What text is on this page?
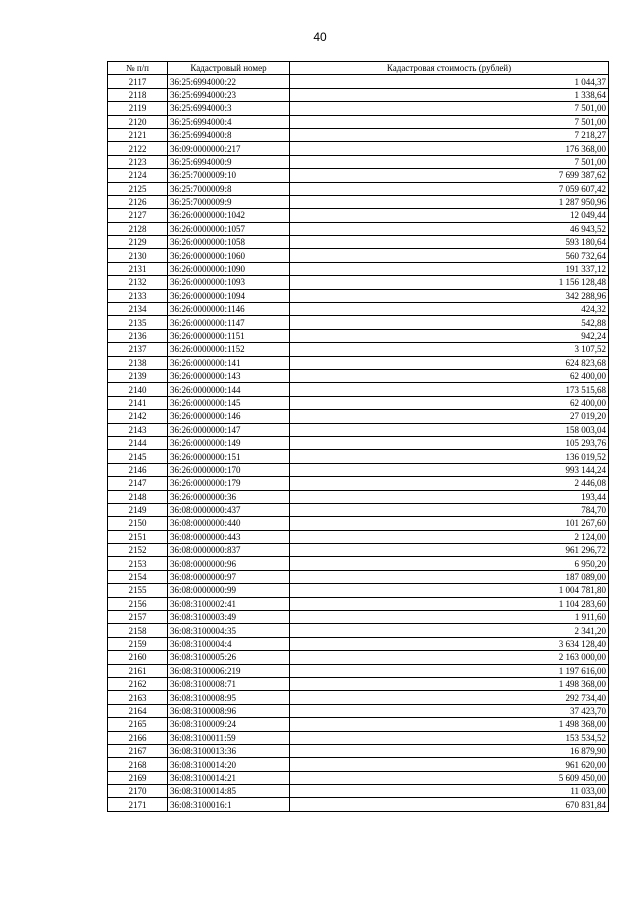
40
№ п/п	Кадастровый номер	Кадастровая стоимость (рублей)
2117	36:25:6994000:22	1 044,37
2118	36:25:6994000:23	1 338,64
2119	36:25:6994000:3	7 501,00
2120	36:25:6994000:4	7 501,00
2121	36:25:6994000:8	7 218,27
2122	36:09:0000000:217	176 368,00
2123	36:25:6994000:9	7 501,00
2124	36:25:7000009:10	7 699 387,62
2125	36:25:7000009:8	7 059 607,42
2126	36:25:7000009:9	1 287 950,96
2127	36:26:0000000:1042	12 049,44
2128	36:26:0000000:1057	46 943,52
2129	36:26:0000000:1058	593 180,64
2130	36:26:0000000:1060	560 732,64
2131	36:26:0000000:1090	191 337,12
2132	36:26:0000000:1093	1 156 128,48
2133	36:26:0000000:1094	342 288,96
2134	36:26:0000000:1146	424,32
2135	36:26:0000000:1147	542,88
2136	36:26:0000000:1151	942,24
2137	36:26:0000000:1152	3 107,52
2138	36:26:0000000:141	624 823,68
2139	36:26:0000000:143	62 400,00
2140	36:26:0000000:144	173 515,68
2141	36:26:0000000:145	62 400,00
2142	36:26:0000000:146	27 019,20
2143	36:26:0000000:147	158 003,04
2144	36:26:0000000:149	105 293,76
2145	36:26:0000000:151	136 019,52
2146	36:26:0000000:170	993 144,24
2147	36:26:0000000:179	2 446,08
2148	36:26:0000000:36	193,44
2149	36:08:0000000:437	784,70
2150	36:08:0000000:440	101 267,60
2151	36:08:0000000:443	2 124,00
2152	36:08:0000000:837	961 296,72
2153	36:08:0000000:96	6 950,20
2154	36:08:0000000:97	187 089,00
2155	36:08:0000000:99	1 004 781,80
2156	36:08:3100002:41	1 104 283,60
2157	36:08:3100003:49	1 911,60
2158	36:08:3100004:35	2 341,20
2159	36:08:3100004:4	3 634 128,40
2160	36:08:3100005:26	2 163 000,00
2161	36:08:3100006:219	1 197 616,00
2162	36:08:3100008:71	1 498 368,00
2163	36:08:3100008:95	292 734,40
2164	36:08:3100008:96	37 423,70
2165	36:08:3100009:24	1 498 368,00
2166	36:08:3100011:59	153 534,52
2167	36:08:3100013:36	16 879,90
2168	36:08:3100014:20	961 620,00
2169	36:08:3100014:21	5 609 450,00
2170	36:08:3100014:85	11 033,00
2171	36:08:3100016:1	670 831,84
